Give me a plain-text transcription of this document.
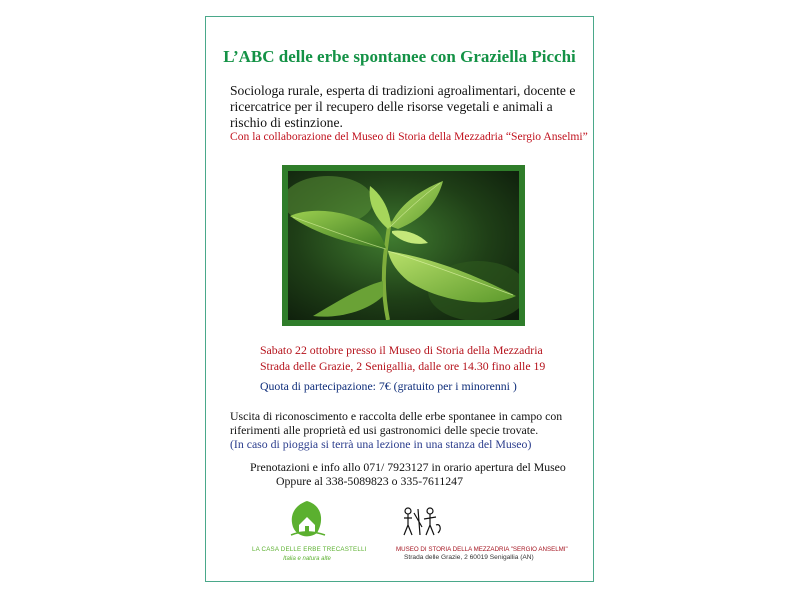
L’ABC delle erbe spontanee con Graziella Picchi
Sociologa rurale, esperta di tradizioni agroalimentari, docente e ricercatrice per il recupero delle risorse vegetali e animali a rischio di estinzione.
Con la collaborazione del Museo di Storia della Mezzadria “Sergio Anselmi”
Sabato 22 ottobre presso il Museo di Storia della Mezzadria
Strada delle Grazie, 2 Senigallia, dalle ore 14.30 fino alle 19
Quota di partecipazione: 7€ (gratuito per i minorenni )
Uscita di riconoscimento e raccolta delle erbe spontanee in campo con riferimenti alle proprietà ed usi gastronomici delle specie trovate.
(In caso di pioggia si terrà una lezione in una stanza del Museo)
Prenotazioni e info allo 071/ 7923127 in orario apertura del Museo
Oppure al 338-5089823 o 335-7611247
LA CASA DELLE ERBE TRECASTELLI
Italia e natura alte
MUSEO DI STORIA DELLA MEZZADRIA "SERGIO ANSELMI"
Strada delle Grazie, 2 60019 Senigallia (AN)
